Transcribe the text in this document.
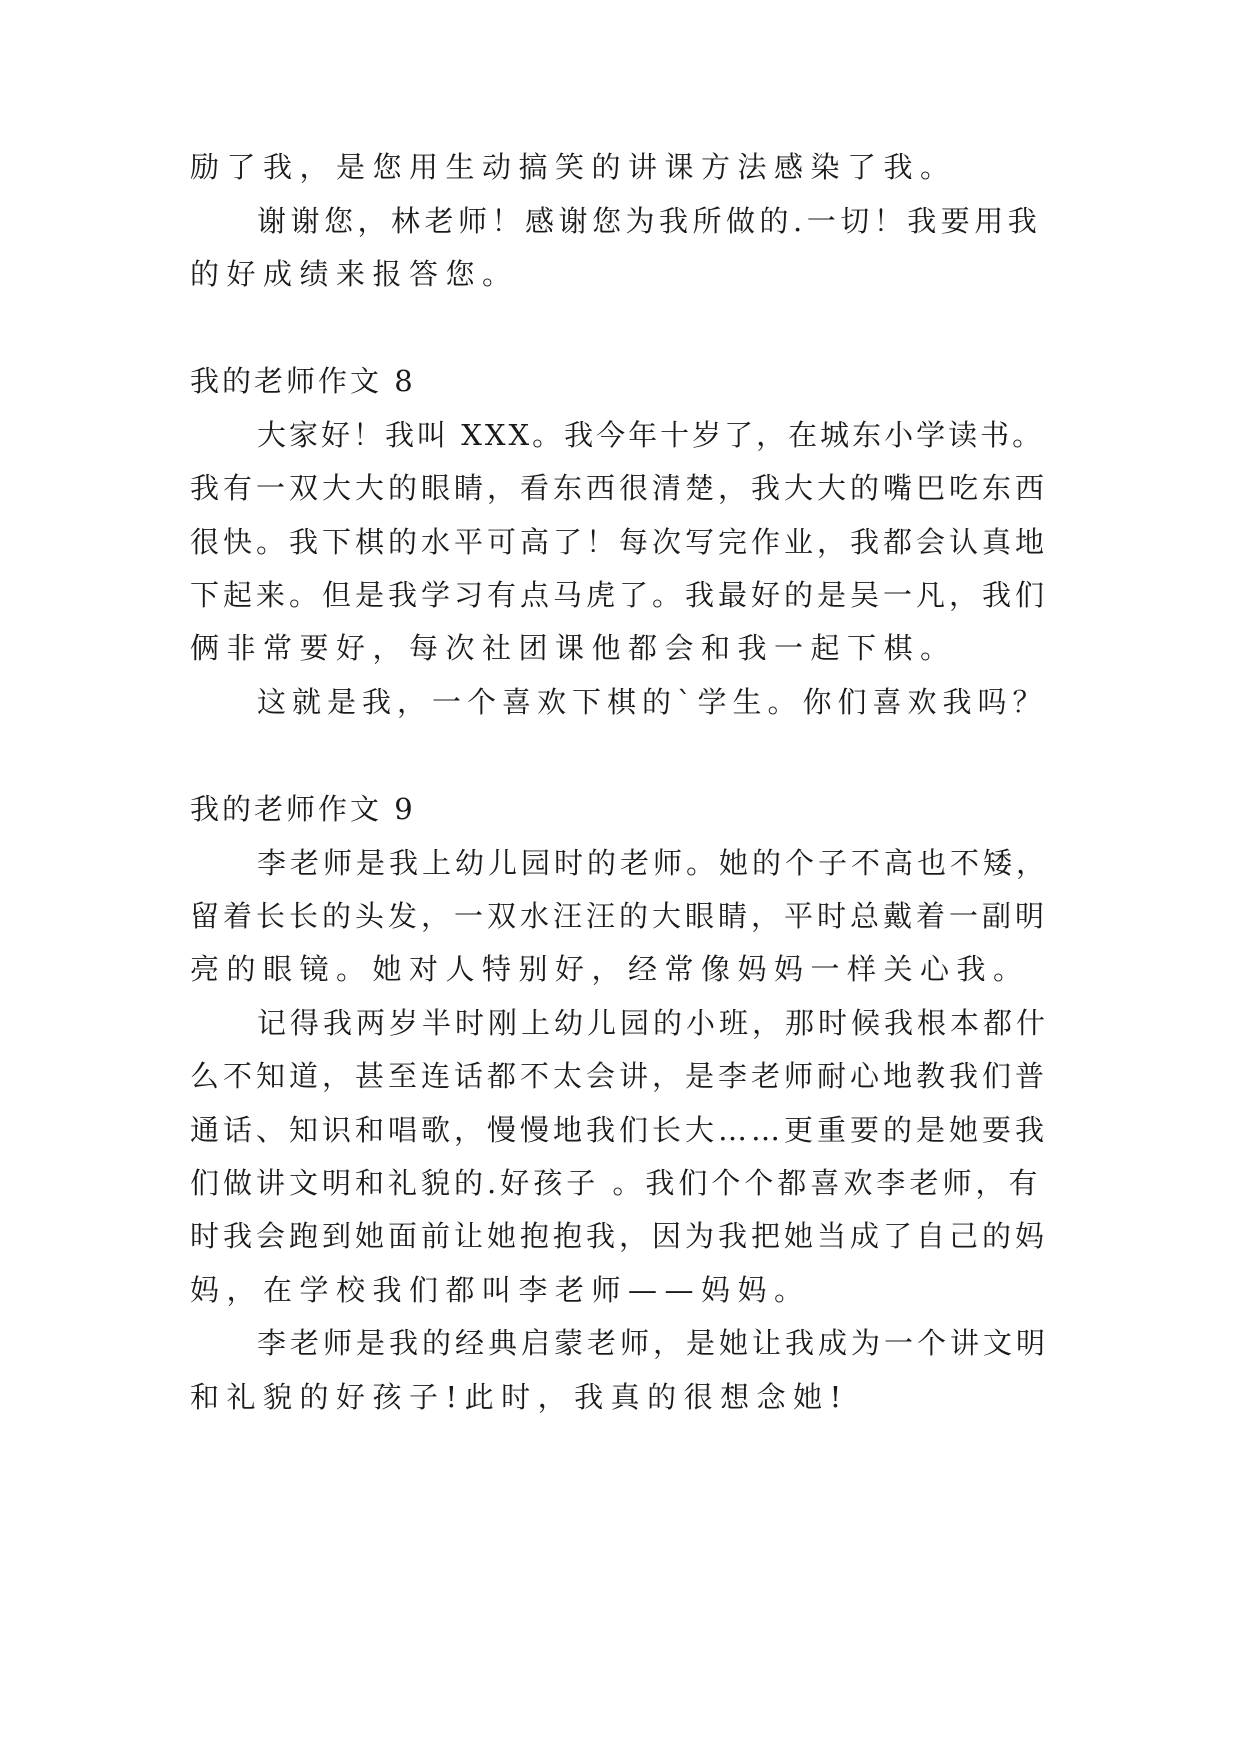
励了我，是您用生动搞笑的讲课方法感染了我。
谢谢您，林老师！感谢您为我所做的.一切！我要用我
的好成绩来报答您。
我的老师作文 8
大家好！我叫 XXX。我今年十岁了，在城东小学读书。
我有一双大大的眼睛，看东西很清楚，我大大的嘴巴吃东西
很快。我下棋的水平可高了！每次写完作业，我都会认真地
下起来。但是我学习有点马虎了。我最好的是吴一凡，我们
俩非常要好，每次社团课他都会和我一起下棋。
这就是我，一个喜欢下棋的`学生。你们喜欢我吗？
我的老师作文 9
李老师是我上幼儿园时的老师。她的个子不高也不矮，
留着长长的头发，一双水汪汪的大眼睛，平时总戴着一副明
亮的眼镜。她对人特别好，经常像妈妈一样关心我。
记得我两岁半时刚上幼儿园的小班，那时候我根本都什
么不知道，甚至连话都不太会讲，是李老师耐心地教我们普
通话、知识和唱歌，慢慢地我们长大……更重要的是她要我
们做讲文明和礼貌的.好孩子 。我们个个都喜欢李老师，有
时我会跑到她面前让她抱抱我，因为我把她当成了自己的妈
妈，在学校我们都叫李老师——妈妈。
李老师是我的经典启蒙老师，是她让我成为一个讲文明
和礼貌的好孩子!此时，我真的很想念她!
